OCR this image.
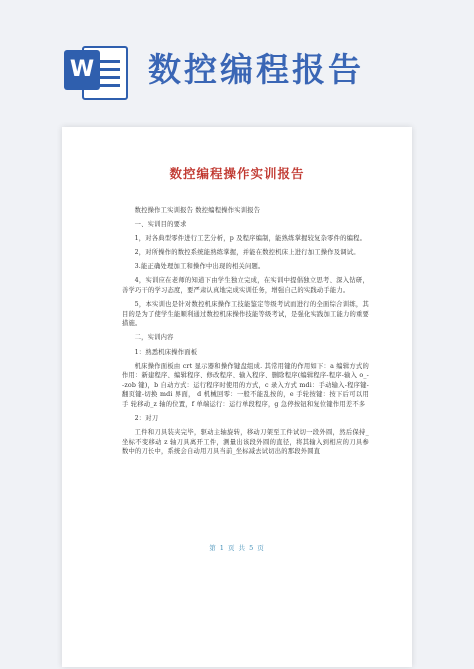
W 数控编程报告
数控编程操作实训报告

数控操作工实训报告 数控编程操作实训报告

一、实训目的要求

1，对各典型零件进行工艺分析，p 及程序编制，能熟练掌握较复杂零件的编程。

2，对所操作的数控系统能熟练掌握，并能在数控机床上进行加工操作及调试。

3.能正确处理加工和操作中出现的相关问题。

4，实训应在老师的知道下由学生独立完成，在实训中提倡独立思考、深入钻研，善学巧干的学习态度，要严肃认真地完成实训任务，增强自己的实践动手能力。

5，本实训也是针对数控机床操作工技能鉴定等级考试而进行的全面综合训练，其目的是为了使学生能顺利通过数控机床操作技能等级考试，是强化实践加工能力的重要措施。

二，实训内容

1：熟悉机床操作面板

机床操作面板由 crt 显示器和操作键盘组成. 其常用键的作用如下：a 编辑方式的作用：新建程序、编辑程序、修改程序、输入程序、删除程序(编辑程序-程序-输入 o_--zob 键)，b 自动方式：运行程序时使用的方式，c 录入方式 mdi：手动输入-程序键-翻页键-切换 mdi 界面， d 机械回零：一般不能乱按的，e 手轮按键：按下后可以用手 轮移动_z 轴的位置，f 单端运行：运行单段程序，g 急停按钮和复位键作用差不多

2：对刀

工件和刀具装夹完毕，驱动主轴旋转，移动刀架至工件试切一段外圆，然后保持_坐标不变移动 z 轴刀具离开工件，测量出该段外圆的直径，将其输入到相应的刀具参数中的刀长中，系统会自动用刀具当前_坐标减去试切出的那段外圆直

第 1 页 共 5 页
